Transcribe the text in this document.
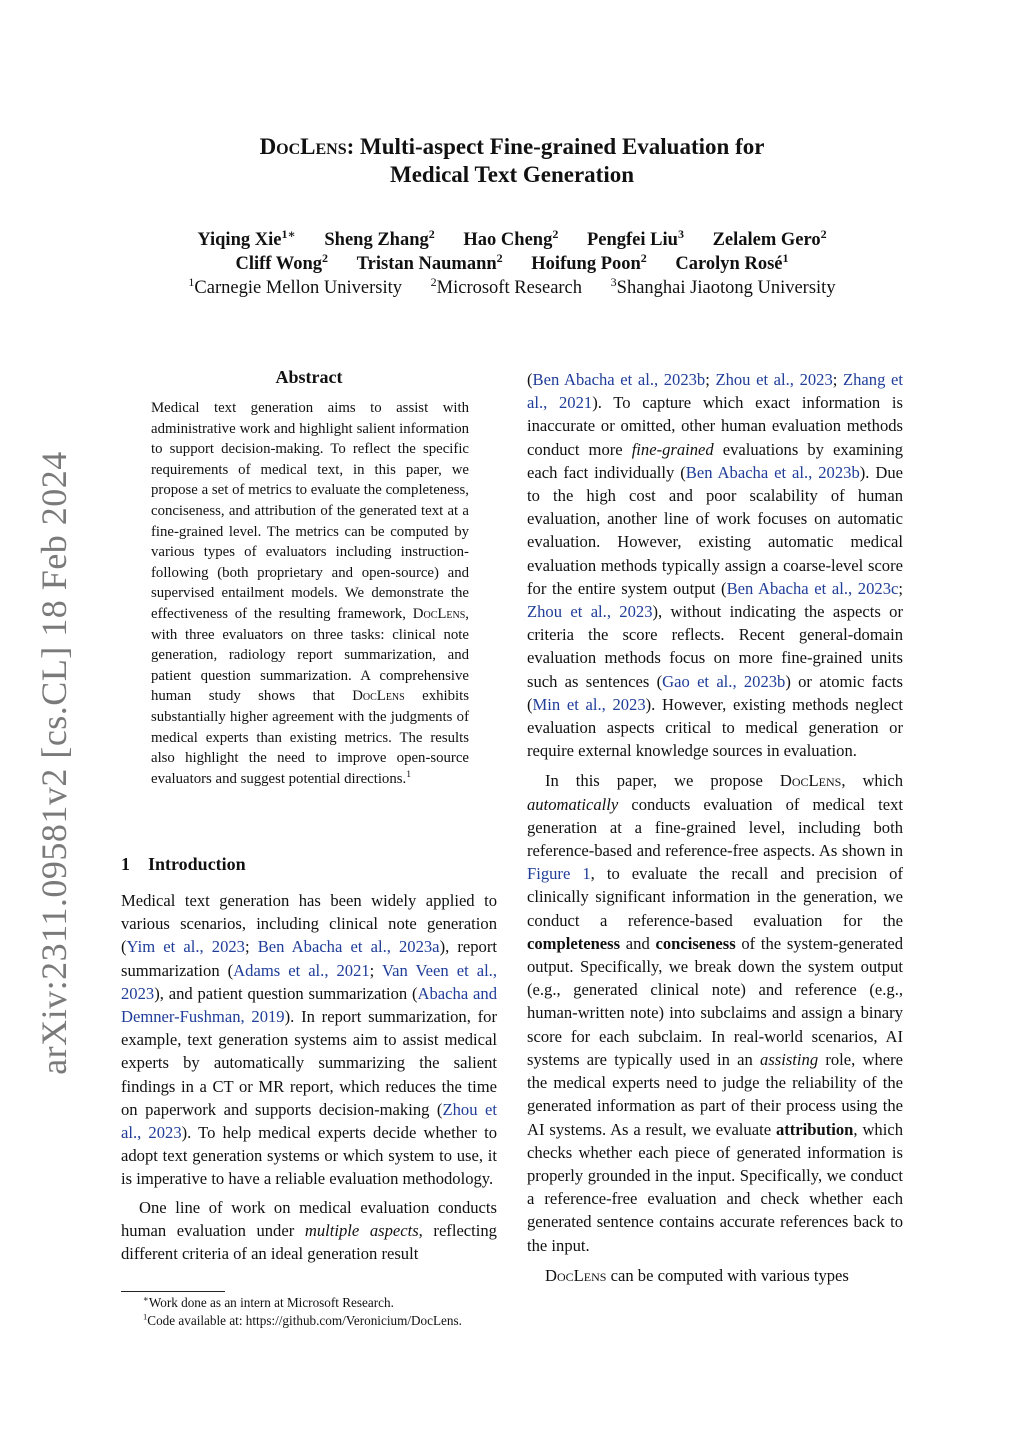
arXiv:2311.09581v2 [cs.CL] 18 Feb 2024
DocLens: Multi-aspect Fine-grained Evaluation for
Medical Text Generation
Yiqing Xie$^{1∗}$ Sheng Zhang$^2$ Hao Cheng$^2$ Pengfei Liu$^3$ Zelalem Gero$^2$
Cliff Wong$^2$ Tristan Naumann$^2$ Hoifung Poon$^2$ Carolyn Rosé$^1$
$^1$Carnegie Mellon University $^2$Microsoft Research $^3$Shanghai Jiaotong University
Abstract
Medical text generation aims to assist with administrative work and highlight salient information to support decision-making. To reflect the specific requirements of medical text, in this paper, we propose a set of metrics to evaluate the completeness, conciseness, and attribution of the generated text at a fine-grained level. The metrics can be computed by various types of evaluators including instruction-following (both proprietary and open-source) and supervised entailment models. We demonstrate the effectiveness of the resulting framework, DocLens, with three evaluators on three tasks: clinical note generation, radiology report summarization, and patient question summarization. A comprehensive human study shows that DocLens exhibits substantially higher agreement with the judgments of medical experts than existing metrics. The results also highlight the need to improve open-source evaluators and suggest potential directions.$^1$
1 Introduction

Medical text generation has been widely applied to various scenarios, including clinical note generation (Yim et al., 2023; Ben Abacha et al., 2023a), report summarization (Adams et al., 2021; Van Veen et al., 2023), and patient question summarization (Abacha and Demner-Fushman, 2019). In report summarization, for example, text generation systems aim to assist medical experts by automatically summarizing the salient findings in a CT or MR report, which reduces the time on paperwork and supports decision-making (Zhou et al., 2023). To help medical experts decide whether to adopt text generation systems or which system to use, it is imperative to have a reliable evaluation methodology.

One line of work on medical evaluation conducts human evaluation under multiple aspects, reflecting different criteria of an ideal generation result

(Ben Abacha et al., 2023b; Zhou et al., 2023; Zhang et al., 2021). To capture which exact information is inaccurate or omitted, other human evaluation methods conduct more fine-grained evaluations by examining each fact individually (Ben Abacha et al., 2023b). Due to the high cost and poor scalability of human evaluation, another line of work focuses on automatic evaluation. However, existing automatic medical evaluation methods typically assign a coarse-level score for the entire system output (Ben Abacha et al., 2023c; Zhou et al., 2023), without indicating the aspects or criteria the score reflects. Recent general-domain evaluation methods focus on more fine-grained units such as sentences (Gao et al., 2023b) or atomic facts (Min et al., 2023). However, existing methods neglect evaluation aspects critical to medical generation or require external knowledge sources in evaluation.

In this paper, we propose DocLens, which automatically conducts evaluation of medical text generation at a fine-grained level, including both reference-based and reference-free aspects. As shown in Figure 1, to evaluate the recall and precision of clinically significant information in the generation, we conduct a reference-based evaluation for the completeness and conciseness of the system-generated output. Specifically, we break down the system output (e.g., generated clinical note) and reference (e.g., human-written note) into subclaims and assign a binary score for each subclaim. In real-world scenarios, AI systems are typically used in an assisting role, where the medical experts need to judge the reliability of the generated information as part of their process using the AI systems. As a result, we evaluate attribution, which checks whether each piece of generated information is properly grounded in the input. Specifically, we conduct a reference-free evaluation and check whether each generated sentence contains accurate references back to the input.

DocLens can be computed with various types

∗Work done as an intern at Microsoft Research.
$^1$Code available at: https://github.com/Veronicium/DocLens.
